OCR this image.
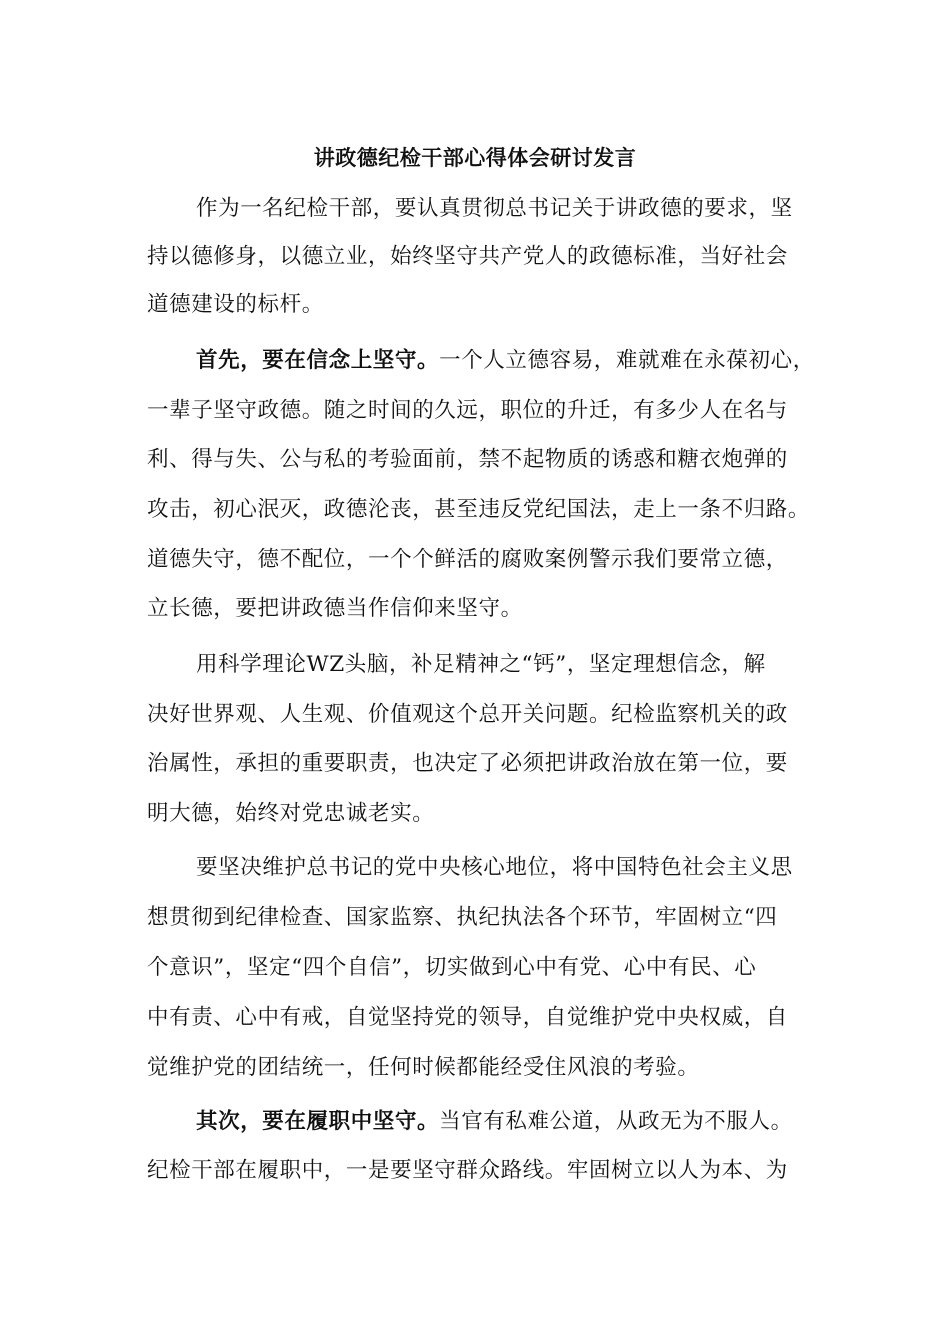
讲政德纪检干部心得体会研讨发言
作为一名纪检干部，要认真贯彻总书记关于讲政德的要求，坚
持以德修身，以德立业，始终坚守共产党人的政德标准，当好社会
道德建设的标杆。
首先，要在信念上坚守。一个人立德容易，难就难在永葆初心，
一辈子坚守政德。随之时间的久远，职位的升迁，有多少人在名与
利、得与失、公与私的考验面前，禁不起物质的诱惑和糖衣炮弹的
攻击，初心泯灭，政德沦丧，甚至违反党纪国法，走上一条不归路。
道德失守，德不配位，一个个鲜活的腐败案例警示我们要常立德，
立长德，要把讲政德当作信仰来坚守。
用科学理论WZ头脑，补足精神之“钙”，坚定理想信念，解
决好世界观、人生观、价值观这个总开关问题。纪检监察机关的政
治属性，承担的重要职责，也决定了必须把讲政治放在第一位，要
明大德，始终对党忠诚老实。
要坚决维护总书记的党中央核心地位，将中国特色社会主义思
想贯彻到纪律检查、国家监察、执纪执法各个环节，牢固树立“四
个意识”，坚定“四个自信”，切实做到心中有党、心中有民、心
中有责、心中有戒，自觉坚持党的领导，自觉维护党中央权威，自
觉维护党的团结统一，任何时候都能经受住风浪的考验。
其次，要在履职中坚守。当官有私难公道，从政无为不服人。
纪检干部在履职中，一是要坚守群众路线。牢固树立以人为本、为
